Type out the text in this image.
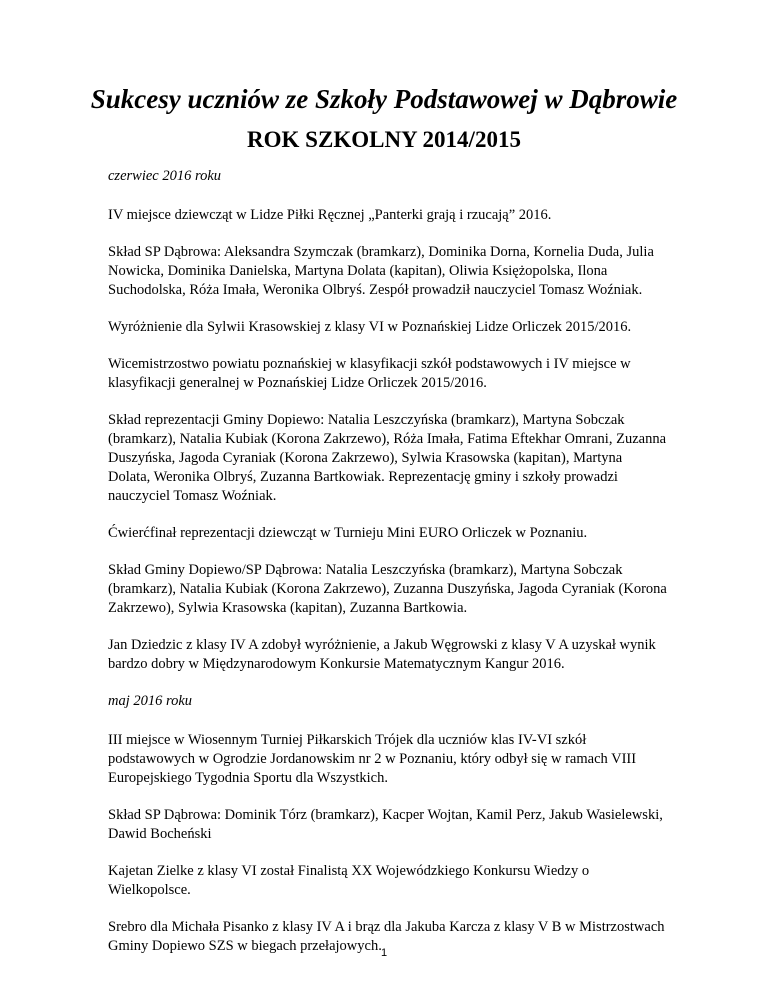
Sukcesy uczniów ze Szkoły Podstawowej w Dąbrowie
ROK SZKOLNY 2014/2015

czerwiec 2016 roku

IV miejsce dziewcząt w Lidze Piłki Ręcznej „Panterki grają i rzucają” 2016.

Skład SP Dąbrowa: Aleksandra Szymczak (bramkarz), Dominika Dorna, Kornelia Duda, Julia Nowicka, Dominika Danielska, Martyna Dolata (kapitan), Oliwia Księżopolska, Ilona Suchodolska, Róża Imała, Weronika Olbryś. Zespół prowadził nauczyciel Tomasz Woźniak.

Wyróżnienie dla Sylwii Krasowskiej z klasy VI w Poznańskiej Lidze Orliczek 2015/2016.

Wicemistrzostwo powiatu poznańskiej w klasyfikacji szkół podstawowych i IV miejsce w klasyfikacji generalnej w Poznańskiej Lidze Orliczek 2015/2016.

Skład reprezentacji Gminy Dopiewo: Natalia Leszczyńska (bramkarz), Martyna Sobczak (bramkarz), Natalia Kubiak (Korona Zakrzewo), Róża Imała, Fatima Eftekhar Omrani, Zuzanna Duszyńska, Jagoda Cyraniak (Korona Zakrzewo), Sylwia Krasowska (kapitan), Martyna Dolata, Weronika Olbryś, Zuzanna Bartkowiak. Reprezentację gminy i szkoły prowadzi nauczyciel Tomasz Woźniak.

Ćwierćfinał reprezentacji dziewcząt w Turnieju Mini EURO Orliczek w Poznaniu.

Skład Gminy Dopiewo/SP Dąbrowa: Natalia Leszczyńska (bramkarz), Martyna Sobczak (bramkarz), Natalia Kubiak (Korona Zakrzewo), Zuzanna Duszyńska, Jagoda Cyraniak (Korona Zakrzewo), Sylwia Krasowska (kapitan), Zuzanna Bartkowia.

Jan Dziedzic z klasy IV A zdobył wyróżnienie, a Jakub Węgrowski z klasy V A uzyskał wynik bardzo dobry w Międzynarodowym Konkursie Matematycznym Kangur 2016.

maj 2016 roku

III miejsce w Wiosennym Turniej Piłkarskich Trójek dla uczniów klas IV-VI szkół podstawowych w Ogrodzie Jordanowskim nr 2 w Poznaniu, który odbył się w ramach VIII Europejskiego Tygodnia Sportu dla Wszystkich.

Skład SP Dąbrowa: Dominik Tórz (bramkarz), Kacper Wojtan, Kamil Perz, Jakub Wasielewski, Dawid Bocheński

Kajetan Zielke z klasy VI został Finalistą XX Wojewódzkiego Konkursu Wiedzy o Wielkopolsce.

Srebro dla Michała Pisanko z klasy IV A i brąz dla Jakuba Karcza z klasy V B w Mistrzostwach Gminy Dopiewo SZS w biegach przełajowych. 1
